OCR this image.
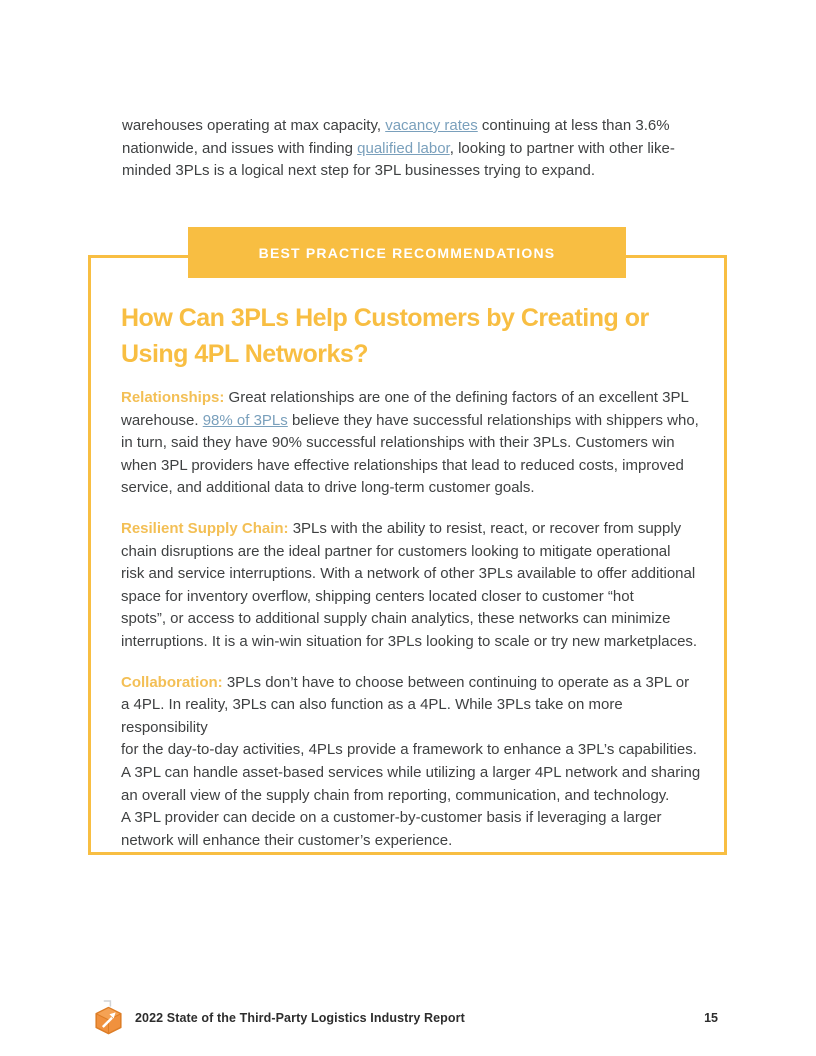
warehouses operating at max capacity, vacancy rates continuing at less than 3.6%
nationwide, and issues with finding qualified labor, looking to partner with other like-
minded 3PLs is a logical next step for 3PL businesses trying to expand.

BEST PRACTICE RECOMMENDATIONS
How Can 3PLs Help Customers by Creating or Using 4PL Networks?

Relationships: Great relationships are one of the defining factors of an excellent 3PL
warehouse. 98% of 3PLs believe they have successful relationships with shippers who,
in turn, said they have 90% successful relationships with their 3PLs. Customers win
when 3PL providers have effective relationships that lead to reduced costs, improved
service, and additional data to drive long-term customer goals.

Resilient Supply Chain: 3PLs with the ability to resist, react, or recover from supply
chain disruptions are the ideal partner for customers looking to mitigate operational
risk and service interruptions. With a network of other 3PLs available to offer additional
space for inventory overflow, shipping centers located closer to customer “hot
spots”, or access to additional supply chain analytics, these networks can minimize
interruptions. It is a win-win situation for 3PLs looking to scale or try new marketplaces.

Collaboration: 3PLs don’t have to choose between continuing to operate as a 3PL or
a 4PL. In reality, 3PLs can also function as a 4PL. While 3PLs take on more responsibility
for the day-to-day activities, 4PLs provide a framework to enhance a 3PL’s capabilities.
A 3PL can handle asset-based services while utilizing a larger 4PL network and sharing
an overall view of the supply chain from reporting, communication, and technology.
A 3PL provider can decide on a customer-by-customer basis if leveraging a larger
network will enhance their customer’s experience.

2022 State of the Third-Party Logistics Industry Report	15
